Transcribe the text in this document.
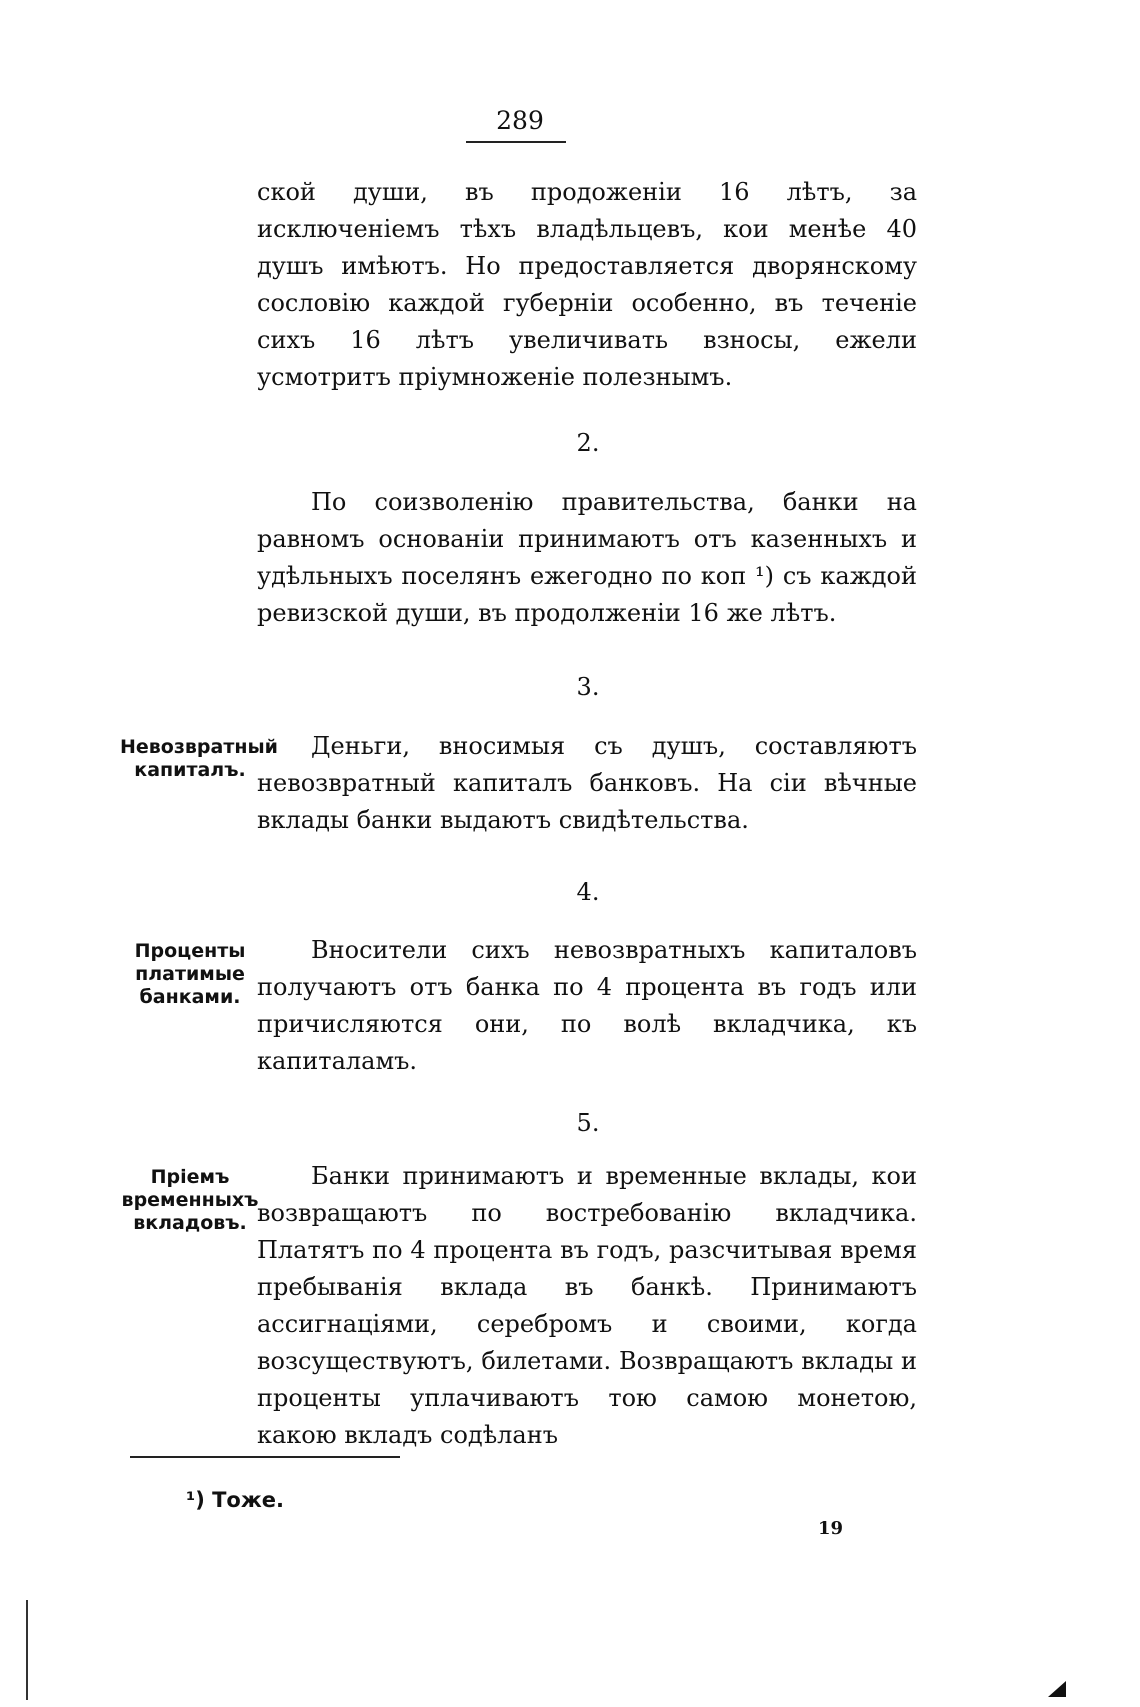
289
ской души, въ продоженіи 16 лѣтъ, за исключеніемъ тѣхъ владѣльцевъ, кои менѣе 40 душъ имѣютъ. Но предоставляется дворянскому сословію каждой губерніи особенно, въ теченіе сихъ 16 лѣтъ увеличивать взносы, ежели усмотритъ пріумноженіе полезнымъ.
2.
По соизволенію правительства, банки на равномъ основаніи принимаютъ отъ казенныхъ и удѣльныхъ поселянъ ежегодно по коп ¹) съ каждой ревизской души, въ продолженіи 16 же лѣтъ.
3.
Невозвратный капиталъ.
Деньги, вносимыя съ душъ, составляютъ невозвратный капиталъ банковъ. На сіи вѣчные вклады банки выдаютъ свидѣтельства.
4.
Проценты платимые банками.
Вносители сихъ невозвратныхъ капиталовъ получаютъ отъ банка по 4 процента въ годъ или причисляются они, по волѣ вкладчика, къ капиталамъ.
5.
Пріемъ временныхъ вкладовъ.
Банки принимаютъ и временные вклады, кои возвращаютъ по востребованію вкладчика. Платятъ по 4 процента въ годъ, разсчитывая время пребыванія вклада въ банкѣ. Принимаютъ ассигнаціями, серебромъ и своими, когда возсуществуютъ, билетами. Возвращаютъ вклады и проценты уплачиваютъ тою самою монетою, какою вкладъ содѣланъ
¹) Тоже.
19
